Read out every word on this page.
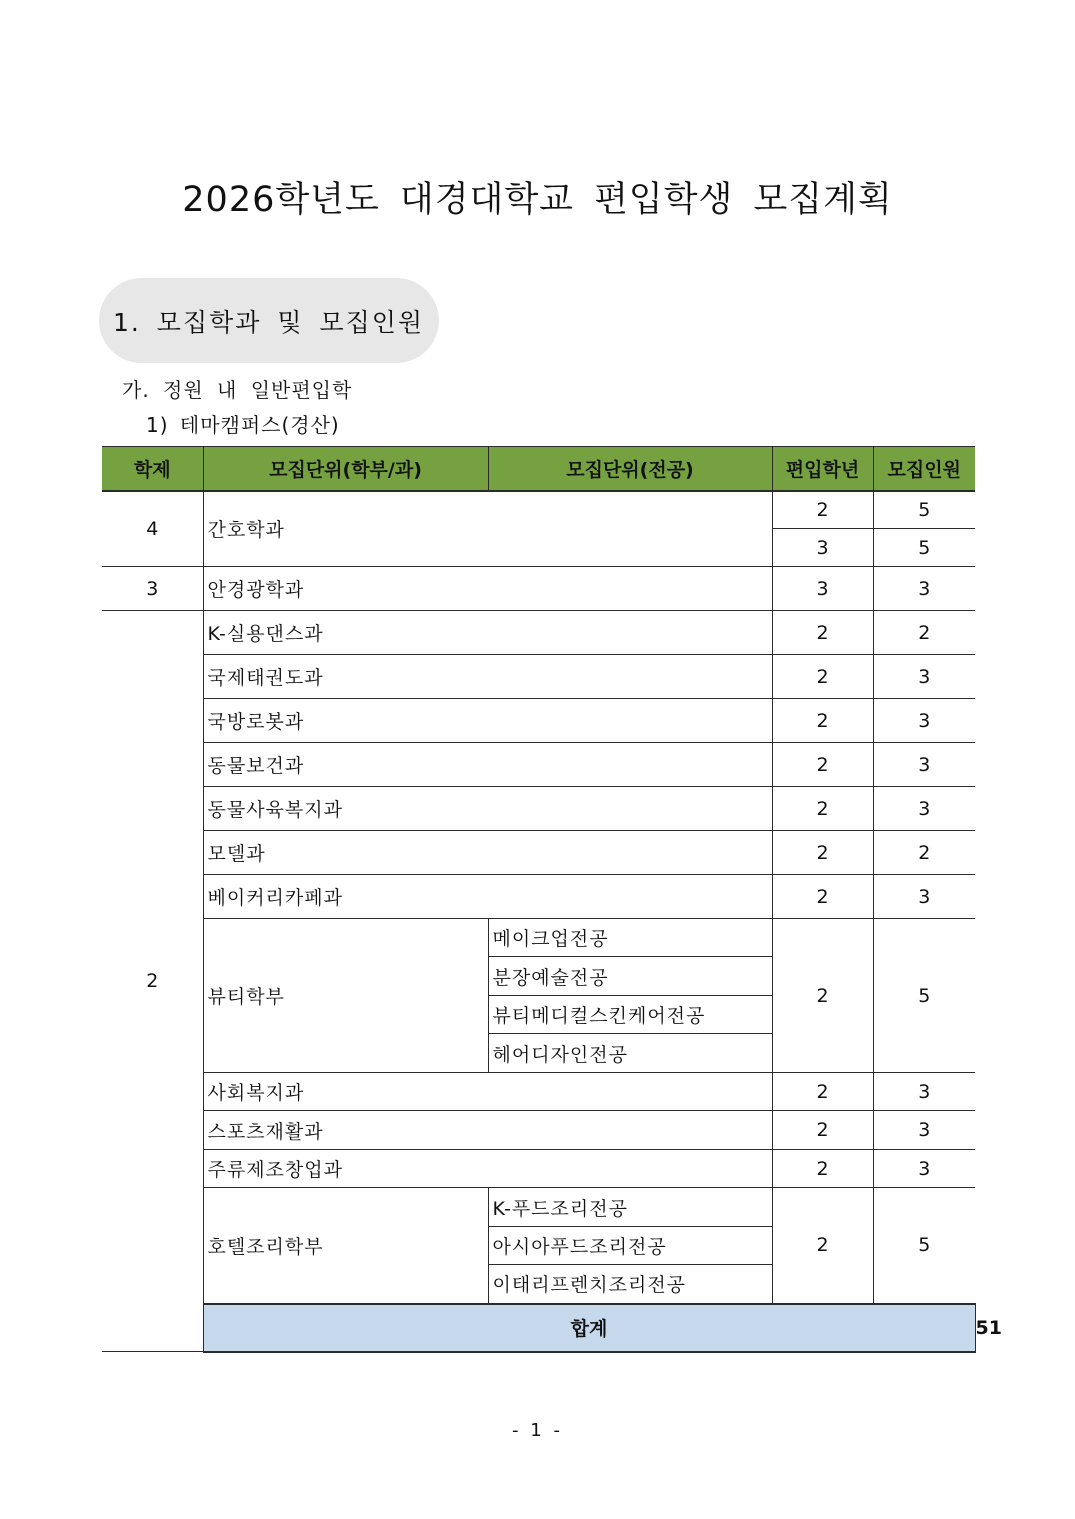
2026학년도 대경대학교 편입학생 모집계획
1. 모집학과 및 모집인원
가. 정원 내 일반편입학
1) 테마캠퍼스(경산)
학제	모집단위(학부/과)	모집단위(전공)	편입학년	모집인원	
4	간호학과		2	5	
			3	5	
3	안경광학과		3	3	
2	K-실용댄스과		2	2	
	국제태권도과		2	3	
	국방로봇과		2	3	
	동물보건과		2	3	
	동물사육복지과		2	3	
	모델과		2	2	
	베이커리카페과		2	3	
	뷰티학부	메이크업전공	2	5	
		분장예술전공			
		뷰티메디컬스킨케어전공			
		헤어디자인전공			
	사회복지과		2	3	
	스포츠재활과		2	3	
	주류제조창업과		2	3	
	호텔조리학부	K-푸드조리전공	2	5	
		아시아푸드조리전공			
		이태리프렌치조리전공			
	합계				51
- 1 -
